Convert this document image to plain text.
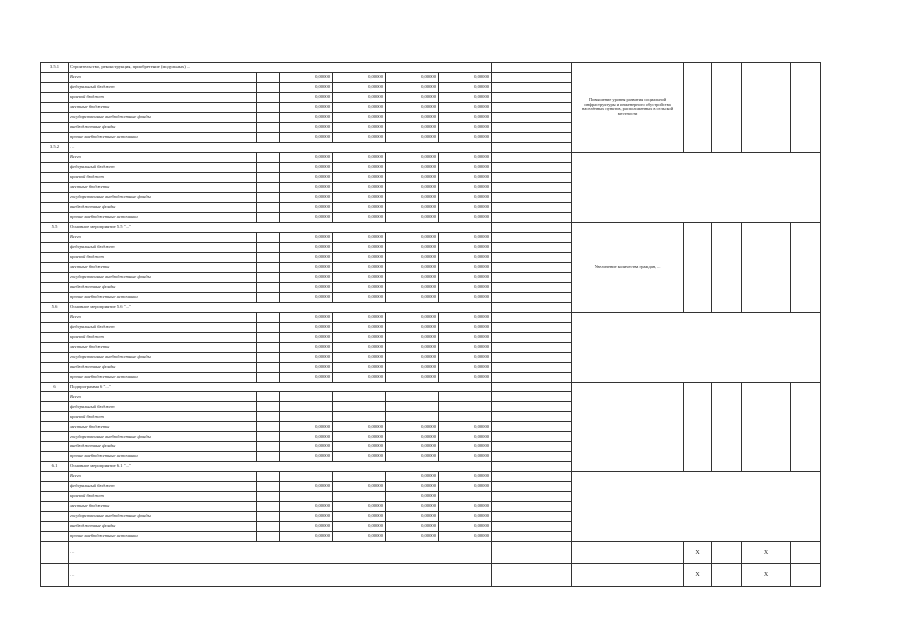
3.5.1	Строительство, реконструкция, приобретение (модульных) ...							Повышение уровня развития социальной инфраструктуры и инженерного обустройства населённых пунктов, расположенных в сельской местности					
	Всего		0,00000	0,00000	0,00000	0,00000							
	федеральный бюджет		0,00000	0,00000	0,00000	0,00000							
	краевой бюджет		0,00000	0,00000	0,00000	0,00000							
	местные бюджеты		0,00000	0,00000	0,00000	0,00000							
	государственные внебюджетные фонды		0,00000	0,00000	0,00000	0,00000							
	внебюджетные фонды		0,00000	0,00000	0,00000	0,00000							
	прочие внебюджетные источники		0,00000	0,00000	0,00000	0,00000							
3.5.2	…						
	Всего		0,00000	0,00000	0,00000	0,00000							
	федеральный бюджет		0,00000	0,00000	0,00000	0,00000							
	краевой бюджет		0,00000	0,00000	0,00000	0,00000							
	местные бюджеты		0,00000	0,00000	0,00000	0,00000							
	государственные внебюджетные фонды		0,00000	0,00000	0,00000	0,00000							
	внебюджетные фонды		0,00000	0,00000	0,00000	0,00000							
	прочие внебюджетные источники		0,00000	0,00000	0,00000	0,00000							
5.5	Основное мероприятие 5.5 "..."							Увеличение количества граждан, ...					
	Всего		0,00000	0,00000	0,00000	0,00000							
	федеральный бюджет		0,00000	0,00000	0,00000	0,00000							
	краевой бюджет		0,00000	0,00000	0,00000	0,00000							
	местные бюджеты		0,00000	0,00000	0,00000	0,00000							
	государственные внебюджетные фонды		0,00000	0,00000	0,00000	0,00000							
	внебюджетные фонды		0,00000	0,00000	0,00000	0,00000							
	прочие внебюджетные источники		0,00000	0,00000	0,00000	0,00000							
5.6	Основное мероприятие 5.6 "..."						
	Всего		0,00000	0,00000	0,00000	0,00000							
	федеральный бюджет		0,00000	0,00000	0,00000	0,00000							
	краевой бюджет		0,00000	0,00000	0,00000	0,00000							
	местные бюджеты		0,00000	0,00000	0,00000	0,00000							
	государственные внебюджетные фонды		0,00000	0,00000	0,00000	0,00000							
	внебюджетные фонды		0,00000	0,00000	0,00000	0,00000							
	прочие внебюджетные источники		0,00000	0,00000	0,00000	0,00000							
6	Подпрограмма 6 "..."												
	Всего												
	федеральный бюджет												
	краевой бюджет												
	местные бюджеты		0,00000	0,00000	0,00000	0,00000							
	государственные внебюджетные фонды		0,00000	0,00000	0,00000	0,00000							
	внебюджетные фонды		0,00000	0,00000	0,00000	0,00000							
	прочие внебюджетные источники		0,00000	0,00000	0,00000	0,00000							
6.1	Основное мероприятие 6.1 "..."												
	Всего				0,00000	0,00000							
	федеральный бюджет		0,00000	0,00000	0,00000	0,00000							
	краевой бюджет				0,00000								
	местные бюджеты		0,00000	0,00000	0,00000	0,00000							
	государственные внебюджетные фонды		0,00000	0,00000	0,00000	0,00000							
	внебюджетные фонды		0,00000	0,00000	0,00000	0,00000							
	прочие внебюджетные источники		0,00000	0,00000	0,00000	0,00000							
	…								X		X		
	…								X		X		
